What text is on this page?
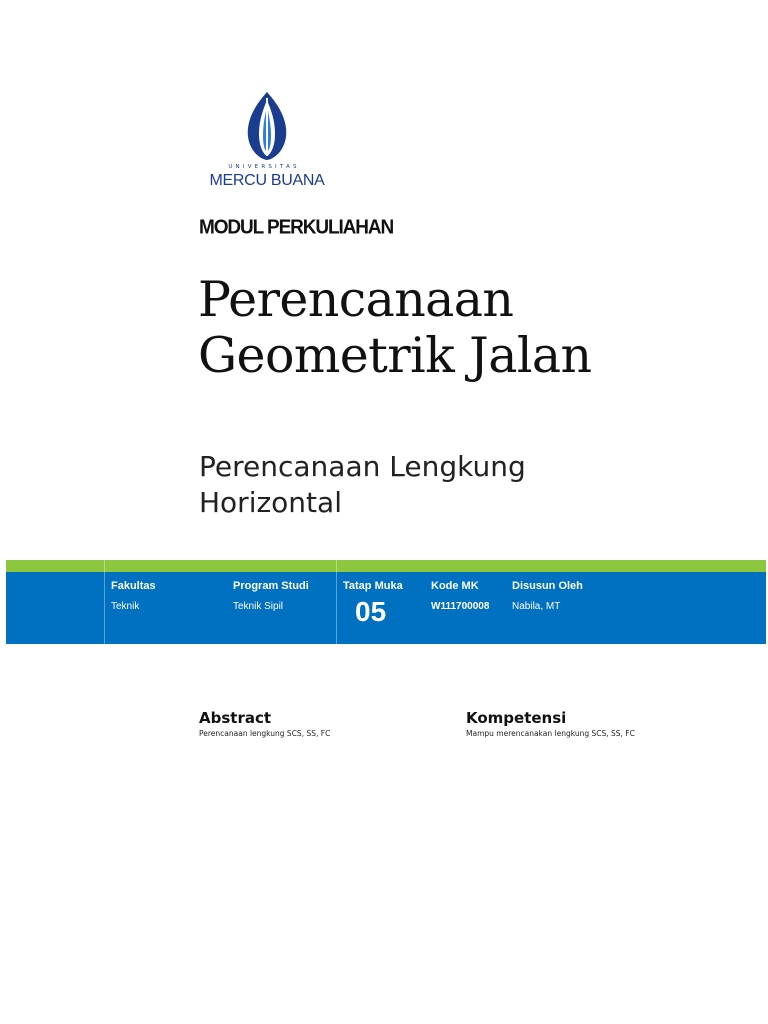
UNIVERSITAS
MERCU BUANA
MODUL PERKULIAHAN
Perencanaan
Geometrik Jalan
Perencanaan Lengkung
Horizontal
Fakultas
Teknik
Program Studi
Teknik Sipil
Tatap Muka
05
Kode MK
W111700008
Disusun Oleh
Nabila, MT
Abstract
Perencanaan lengkung SCS, SS, FC
Kompetensi
Mampu merencanakan lengkung SCS, SS, FC
